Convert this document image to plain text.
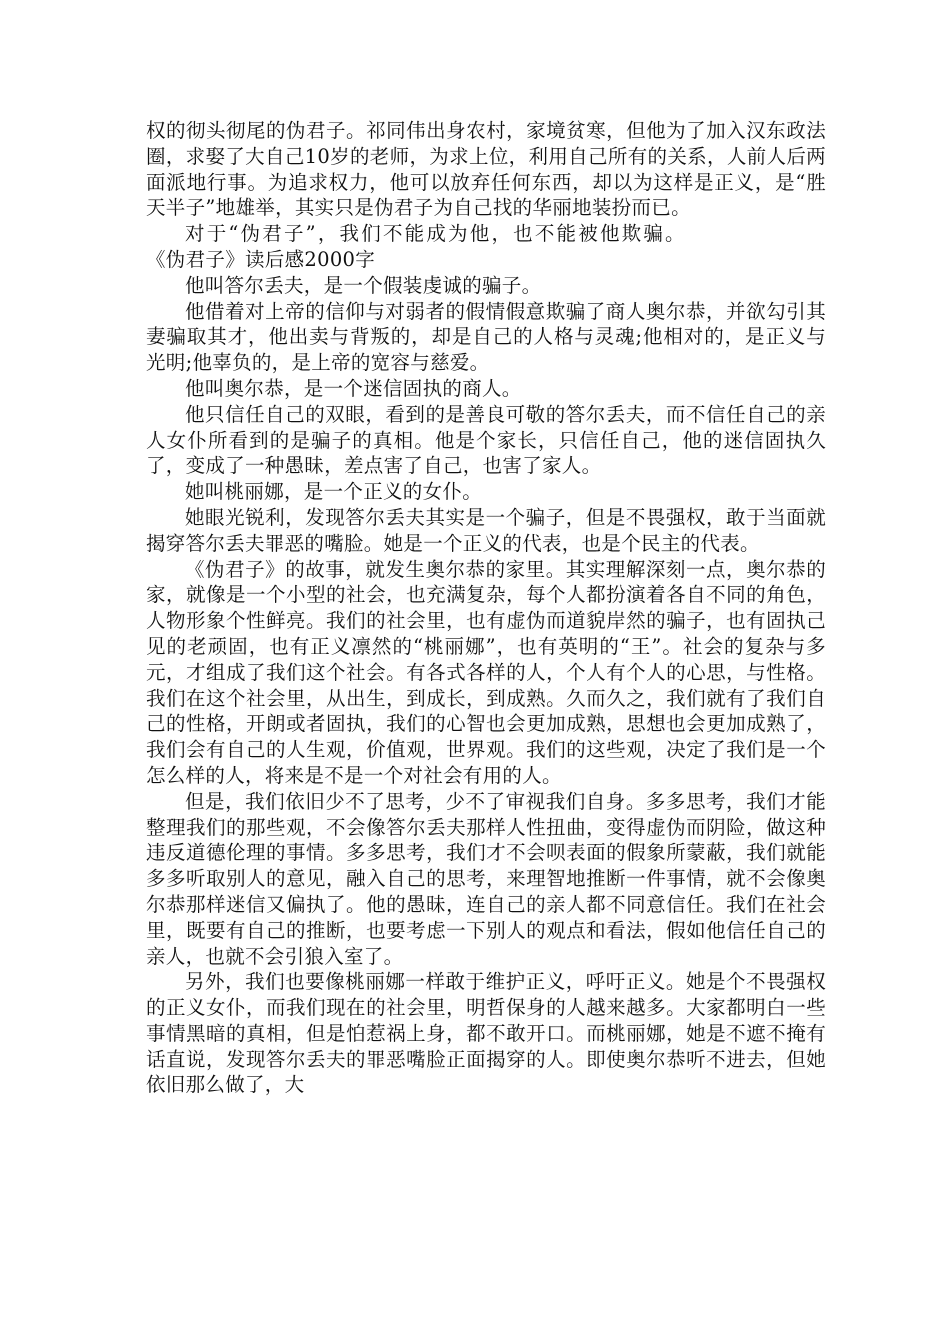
权的彻头彻尾的伪君子。祁同伟出身农村，家境贫寒，但他为了加入汉东政法圈，求娶了大自己10岁的老师，为求上位，利用自己所有的关系，人前人后两面派地行事。为追求权力，他可以放弃任何东西，却以为这样是正义，是“胜天半子”地雄举，其实只是伪君子为自己找的华丽地装扮而已。

对于“伪君子”，我们不能成为他，也不能被他欺骗。

《伪君子》读后感2000字

他叫答尔丢夫，是一个假装虔诚的骗子。

他借着对上帝的信仰与对弱者的假情假意欺骗了商人奥尔恭，并欲勾引其妻骗取其才，他出卖与背叛的，却是自己的人格与灵魂;他相对的，是正义与光明;他辜负的，是上帝的宽容与慈爱。

他叫奥尔恭，是一个迷信固执的商人。

他只信任自己的双眼，看到的是善良可敬的答尔丢夫，而不信任自己的亲人女仆所看到的是骗子的真相。他是个家长，只信任自己，他的迷信固执久了，变成了一种愚昧，差点害了自己，也害了家人。

她叫桃丽娜，是一个正义的女仆。

她眼光锐利，发现答尔丢夫其实是一个骗子，但是不畏强权，敢于当面就揭穿答尔丢夫罪恶的嘴脸。她是一个正义的代表，也是个民主的代表。

《伪君子》的故事，就发生奥尔恭的家里。其实理解深刻一点，奥尔恭的家，就像是一个小型的社会，也充满复杂，每个人都扮演着各自不同的角色，人物形象个性鲜亮。我们的社会里，也有虚伪而道貌岸然的骗子，也有固执己见的老顽固，也有正义凛然的“桃丽娜”，也有英明的“王”。社会的复杂与多元，才组成了我们这个社会。有各式各样的人，个人有个人的心思，与性格。我们在这个社会里，从出生，到成长，到成熟。久而久之，我们就有了我们自己的性格，开朗或者固执，我们的心智也会更加成熟，思想也会更加成熟了，我们会有自己的人生观，价值观，世界观。我们的这些观，决定了我们是一个怎么样的人，将来是不是一个对社会有用的人。

但是，我们依旧少不了思考，少不了审视我们自身。多多思考，我们才能整理我们的那些观，不会像答尔丢夫那样人性扭曲，变得虚伪而阴险，做这种违反道德伦理的事情。多多思考，我们才不会呗表面的假象所蒙蔽，我们就能多多听取别人的意见，融入自己的思考，来理智地推断一件事情，就不会像奥尔恭那样迷信又偏执了。他的愚昧，连自己的亲人都不同意信任。我们在社会里，既要有自己的推断，也要考虑一下别人的观点和看法，假如他信任自己的亲人，也就不会引狼入室了。

另外，我们也要像桃丽娜一样敢于维护正义，呼吁正义。她是个不畏强权的正义女仆，而我们现在的社会里，明哲保身的人越来越多。大家都明白一些事情黑暗的真相，但是怕惹祸上身，都不敢开口。而桃丽娜，她是不遮不掩有话直说，发现答尔丢夫的罪恶嘴脸正面揭穿的人。即使奥尔恭听不进去，但她依旧那么做了，大
